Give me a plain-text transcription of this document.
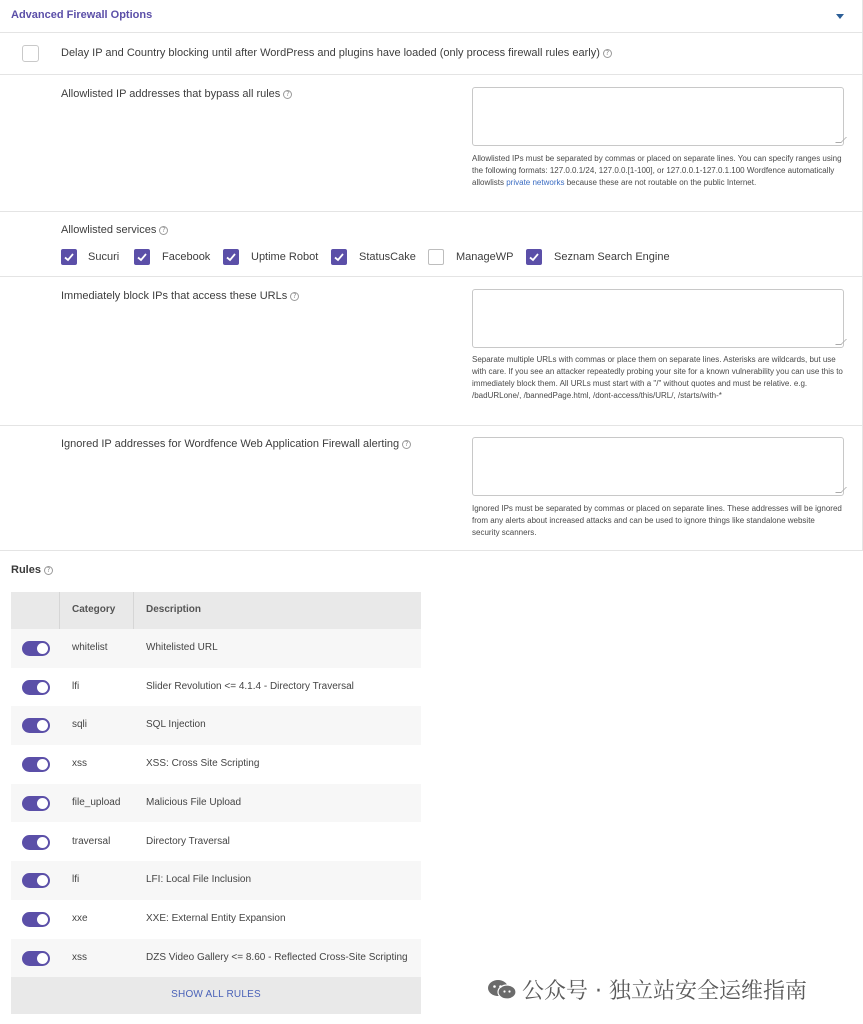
Advanced Firewall Options
Delay IP and Country blocking until after WordPress and plugins have loaded (only process firewall rules early) ?
Allowlisted IP addresses that bypass all rules ?
Allowlisted IPs must be separated by commas or placed on separate lines. You can specify ranges using the following formats: 127.0.0.1/24, 127.0.0.[1-100], or 127.0.0.1-127.0.1.100 Wordfence automatically allowlists private networks because these are not routable on the public Internet.
Allowlisted services ?
Sucuri	Facebook	Uptime Robot	StatusCake	ManageWP	Seznam Search Engine
Immediately block IPs that access these URLs ?
Separate multiple URLs with commas or place them on separate lines. Asterisks are wildcards, but use with care. If you see an attacker repeatedly probing your site for a known vulnerability you can use this to immediately block them. All URLs must start with a "/" without quotes and must be relative. e.g. /badURLone/, /bannedPage.html, /dont-access/this/URL/, /starts/with-*
Ignored IP addresses for Wordfence Web Application Firewall alerting ?
Ignored IPs must be separated by commas or placed on separate lines. These addresses will be ignored from any alerts about increased attacks and can be used to ignore things like standalone website security scanners.
Rules ?
Category	Description
whitelist	Whitelisted URL
lfi	Slider Revolution <= 4.1.4 - Directory Traversal
sqli	SQL Injection
xss	XSS: Cross Site Scripting
file_upload	Malicious File Upload
traversal	Directory Traversal
lfi	LFI: Local File Inclusion
xxe	XXE: External Entity Expansion
xss	DZS Video Gallery <= 8.60 - Reflected Cross-Site Scripting
SHOW ALL RULES	公众号 · 独立站安全运维指南
